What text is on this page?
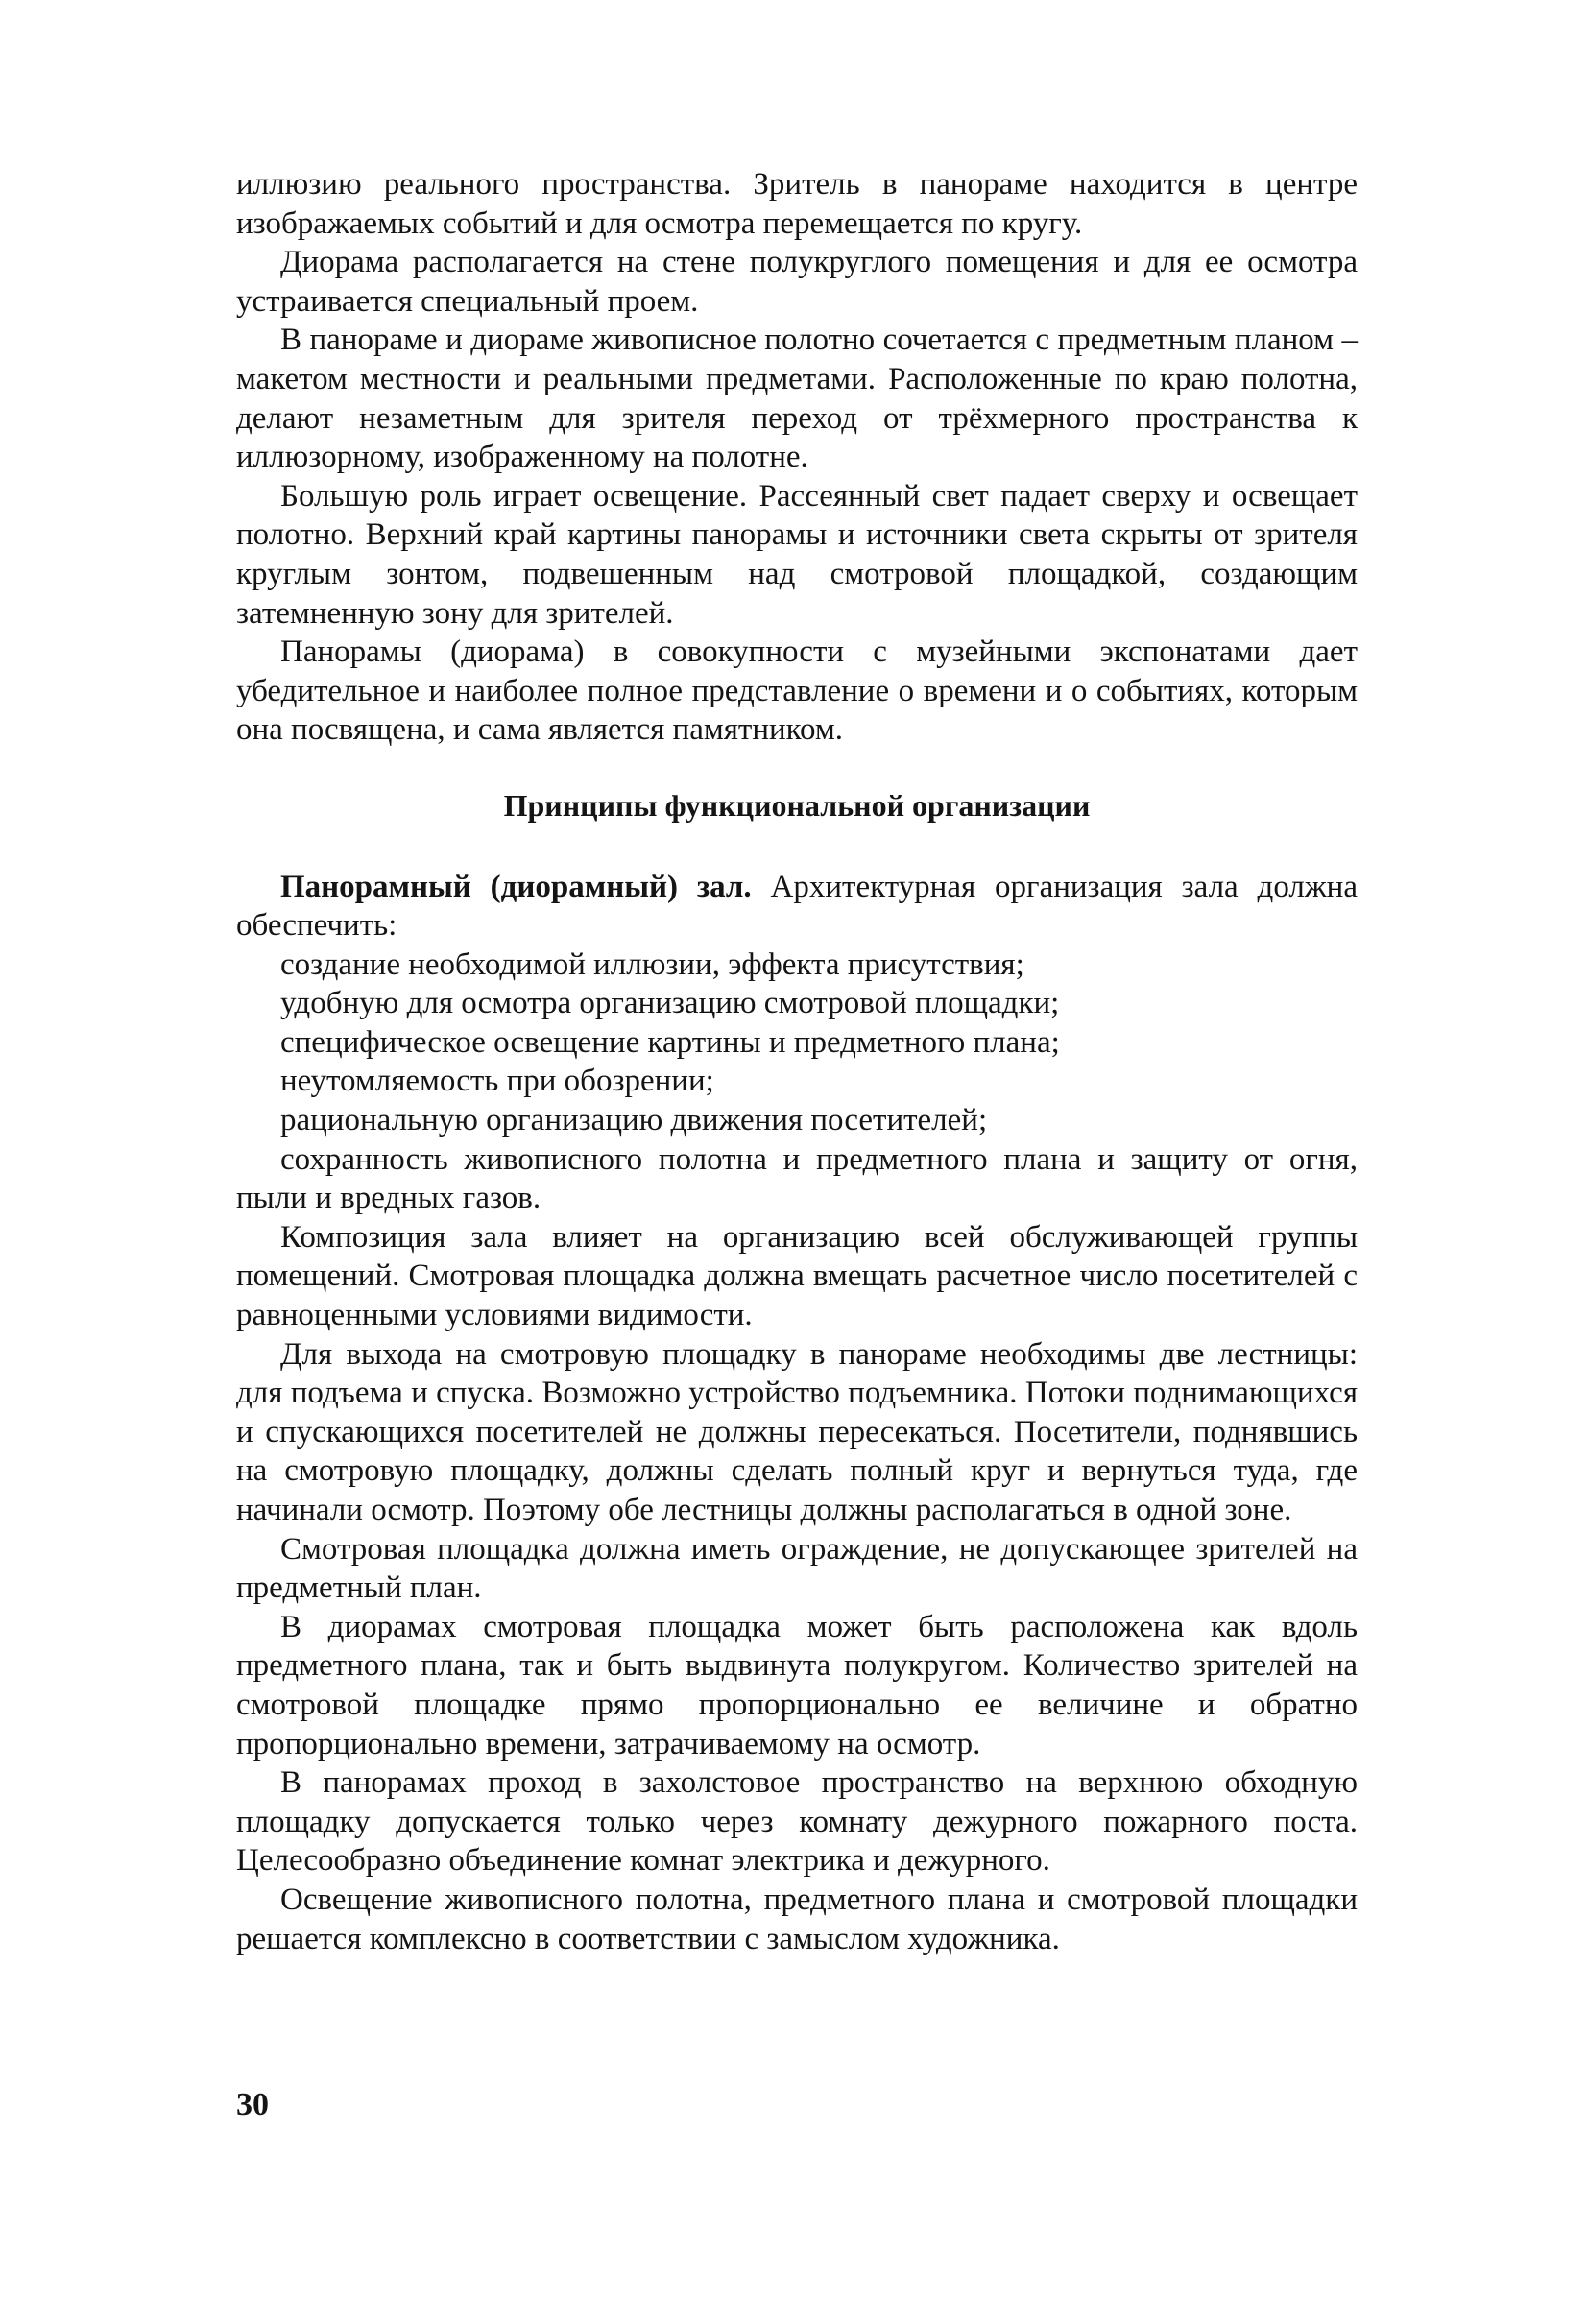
иллюзию реального пространства. Зритель в панораме находится в центре изображаемых событий и для осмотра перемещается по кругу.

Диорама располагается на стене полукруглого помещения и для ее осмотра устраивается специальный проем.

В панораме и диораме живописное полотно сочетается с предметным планом – макетом местности и реальными предметами. Расположенные по краю полотна, делают незаметным для зрителя переход от трёхмерного пространства к иллюзорному, изображенному на полотне.

Большую роль играет освещение. Рассеянный свет падает сверху и освещает полотно. Верхний край картины панорамы и источники света скрыты от зрителя круглым зонтом, подвешенным над смотровой площадкой, создающим затемненную зону для зрителей.

Панорамы (диорама) в совокупности с музейными экспонатами дает убедительное и наиболее полное представление о времени и о событиях, которым она посвящена, и сама является памятником.

Принципы функциональной организации

Панорамный (диорамный) зал. Архитектурная организация зала должна обеспечить:

создание необходимой иллюзии, эффекта присутствия;

удобную для осмотра организацию смотровой площадки;

специфическое освещение картины и предметного плана;

неутомляемость при обозрении;

рациональную организацию движения посетителей;

сохранность живописного полотна и предметного плана и защиту от огня, пыли и вредных газов.

Композиция зала влияет на организацию всей обслуживающей группы помещений. Смотровая площадка должна вмещать расчетное число посетителей с равноценными условиями видимости.

Для выхода на смотровую площадку в панораме необходимы две лестницы: для подъема и спуска. Возможно устройство подъемника. Потоки поднимающихся и спускающихся посетителей не должны пересекаться. Посетители, поднявшись на смотровую площадку, должны сделать полный круг и вернуться туда, где начинали осмотр. Поэтому обе лестницы должны располагаться в одной зоне.

Смотровая площадка должна иметь ограждение, не допускающее зрителей на предметный план.

В диорамах смотровая площадка может быть расположена как вдоль предметного плана, так и быть выдвинута полукругом. Количество зрителей на смотровой площадке прямо пропорционально ее величине и обратно пропорционально времени, затрачиваемому на осмотр.

В панорамах проход в захолстовое пространство на верхнюю обходную площадку допускается только через комнату дежурного пожарного поста. Целесообразно объединение комнат электрика и дежурного.

Освещение живописного полотна, предметного плана и смотровой площадки решается комплексно в соответствии с замыслом художника.

30
